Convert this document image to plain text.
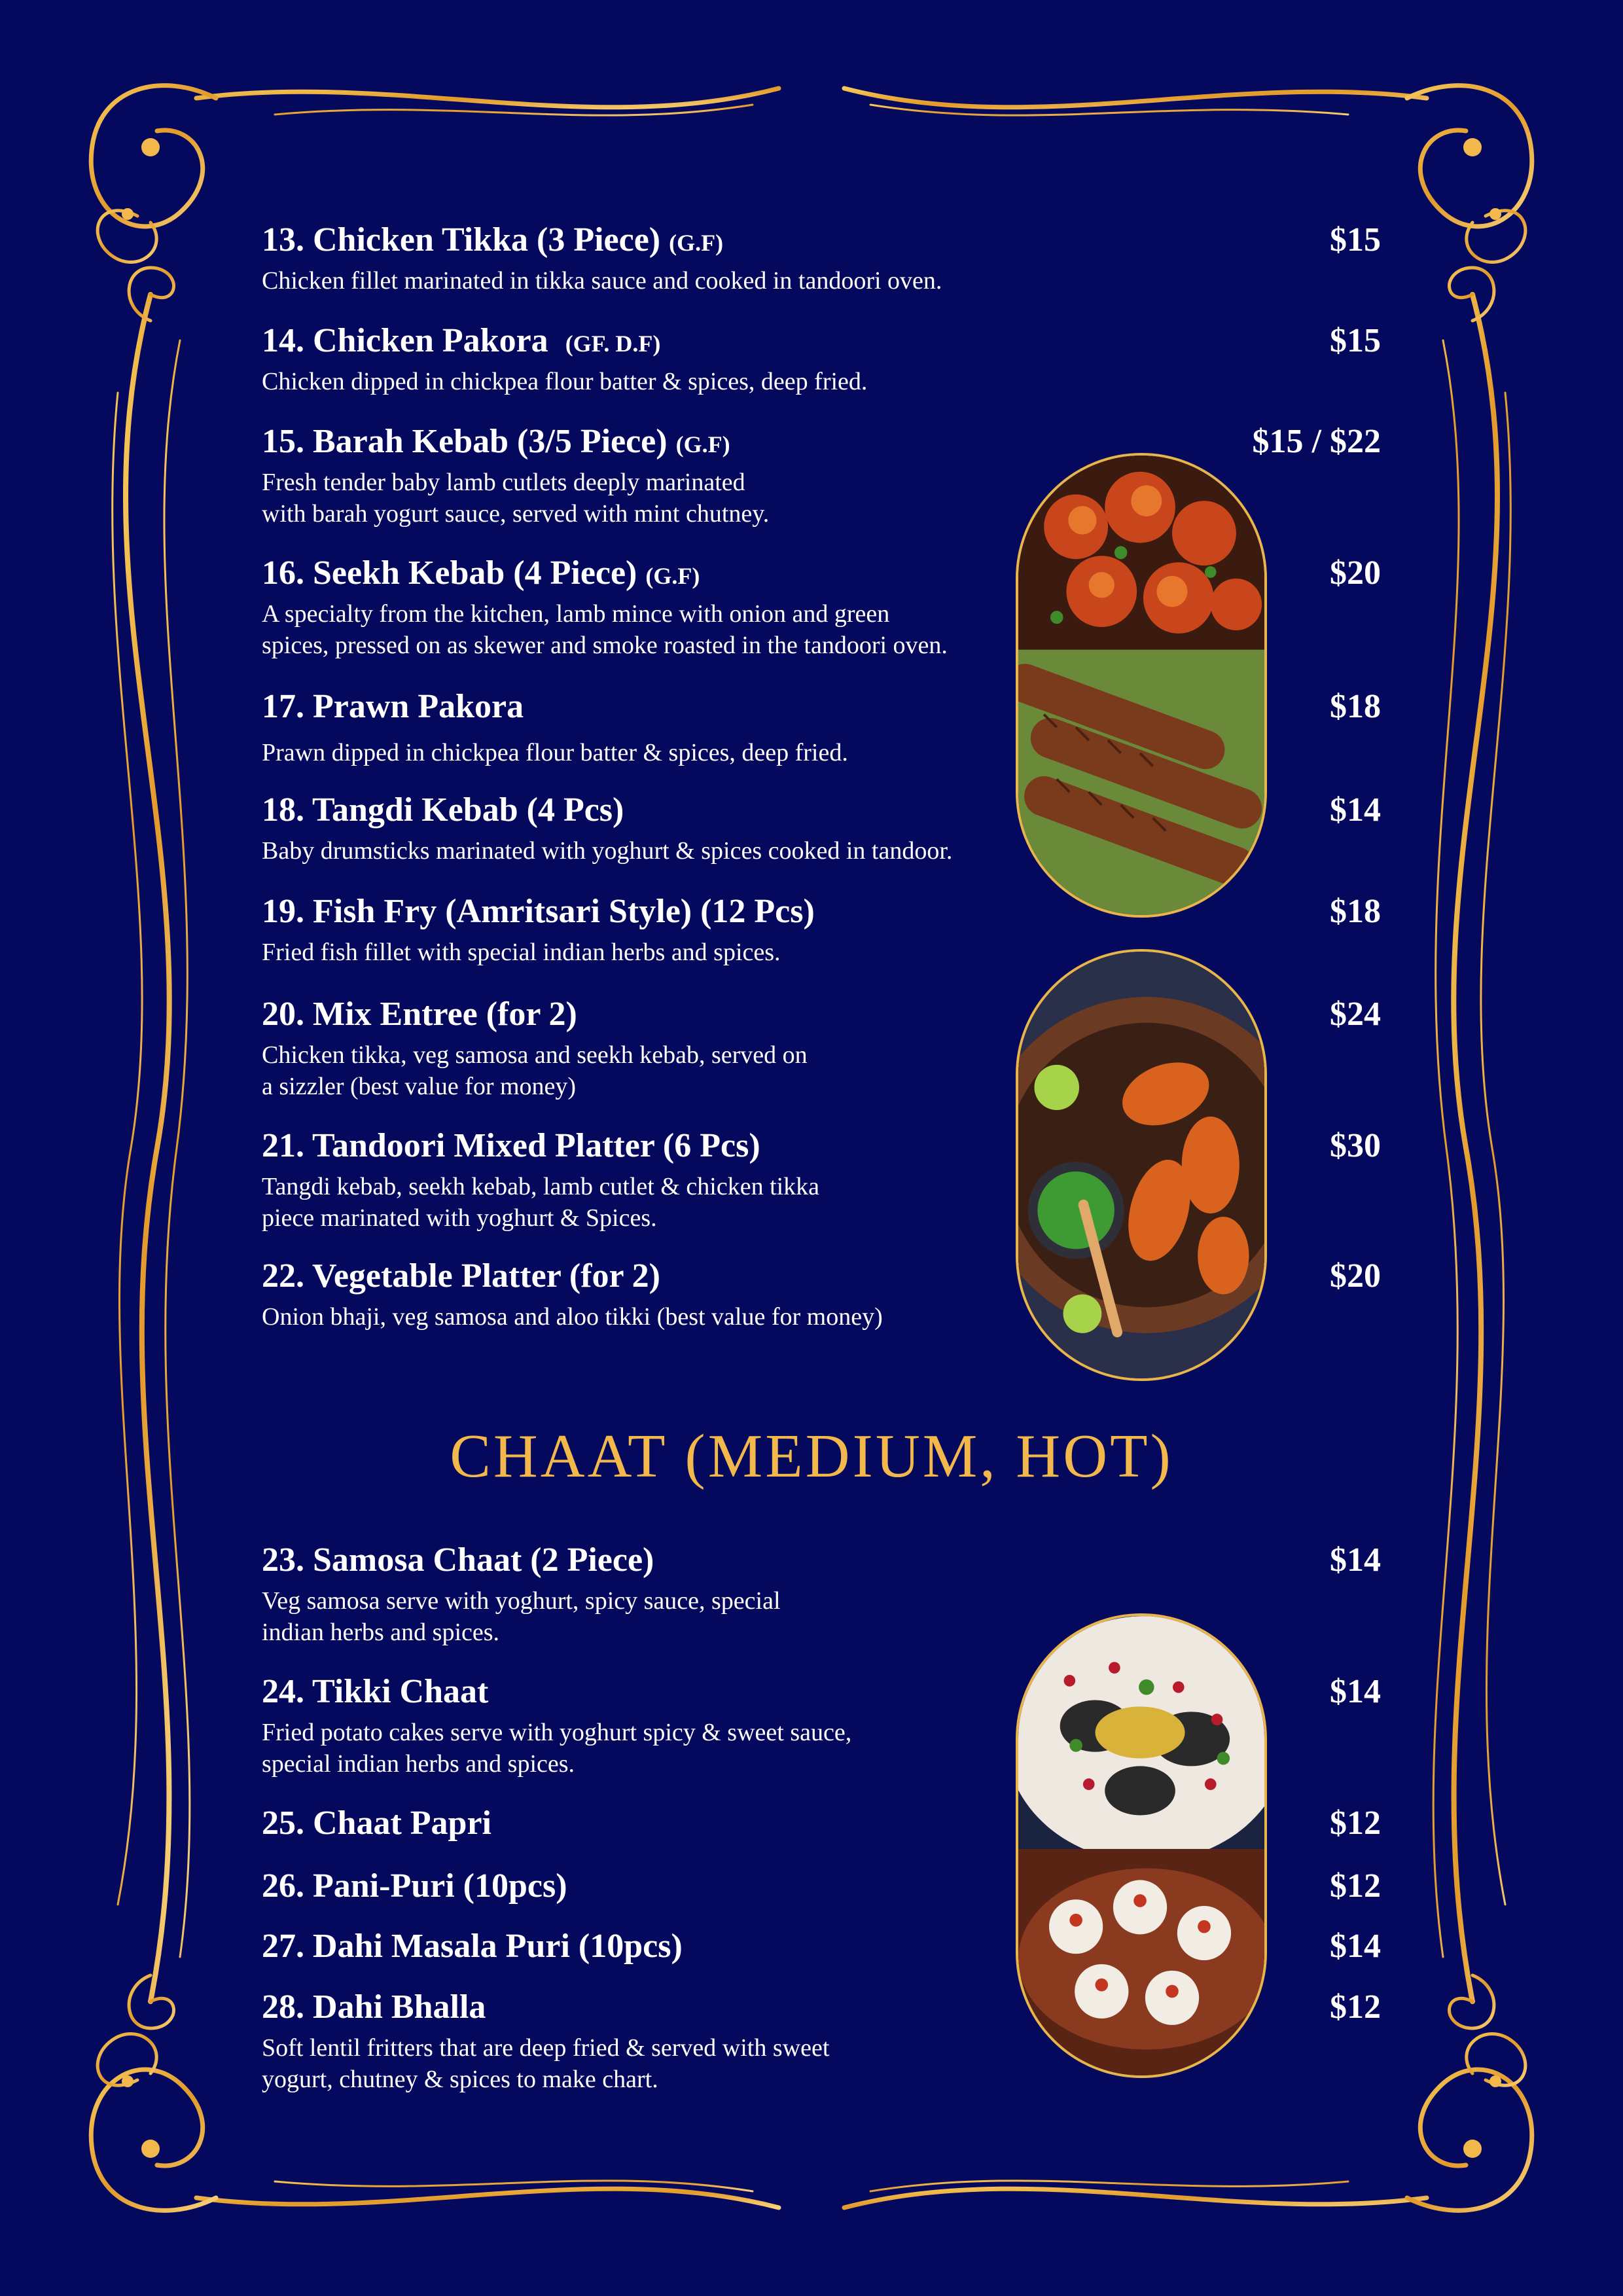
13. Chicken Tikka (3 Piece) (G.F)	$15
Chicken fillet marinated in tikka sauce and cooked in tandoori oven.
14. Chicken Pakora (GF. D.F)	$15
Chicken dipped in chickpea flour batter & spices, deep fried.
15. Barah Kebab (3/5 Piece) (G.F)	$15 / $22
Fresh tender baby lamb cutlets deeply marinated
with barah yogurt sauce, served with mint chutney.
16. Seekh Kebab (4 Piece) (G.F)	$20
A specialty from the kitchen, lamb mince with onion and green
spices, pressed on as skewer and smoke roasted in the tandoori oven.
17. Prawn Pakora	$18
Prawn dipped in chickpea flour batter & spices, deep fried.
18. Tangdi Kebab (4 Pcs)	$14
Baby drumsticks marinated with yoghurt & spices cooked in tandoor.
19. Fish Fry (Amritsari Style) (12 Pcs)	$18
Fried fish fillet with special indian herbs and spices.
20. Mix Entree (for 2)	$24
Chicken tikka, veg samosa and seekh kebab, served on
a sizzler (best value for money)
21. Tandoori Mixed Platter (6 Pcs)	$30
Tangdi kebab, seekh kebab, lamb cutlet & chicken tikka
piece marinated with yoghurt & Spices.
22. Vegetable Platter (for 2)	$20
Onion bhaji, veg samosa and aloo tikki (best value for money)
CHAAT (MEDIUM, HOT)
23. Samosa Chaat (2 Piece)	$14
Veg samosa serve with yoghurt, spicy sauce, special
indian herbs and spices.
24. Tikki Chaat	$14
Fried potato cakes serve with yoghurt spicy & sweet sauce,
special indian herbs and spices.
25. Chaat Papri	$12
26. Pani-Puri (10pcs)	$12
27. Dahi Masala Puri (10pcs)	$14
28. Dahi Bhalla	$12
Soft lentil fritters that are deep fried & served with sweet
yogurt, chutney & spices to make chart.
